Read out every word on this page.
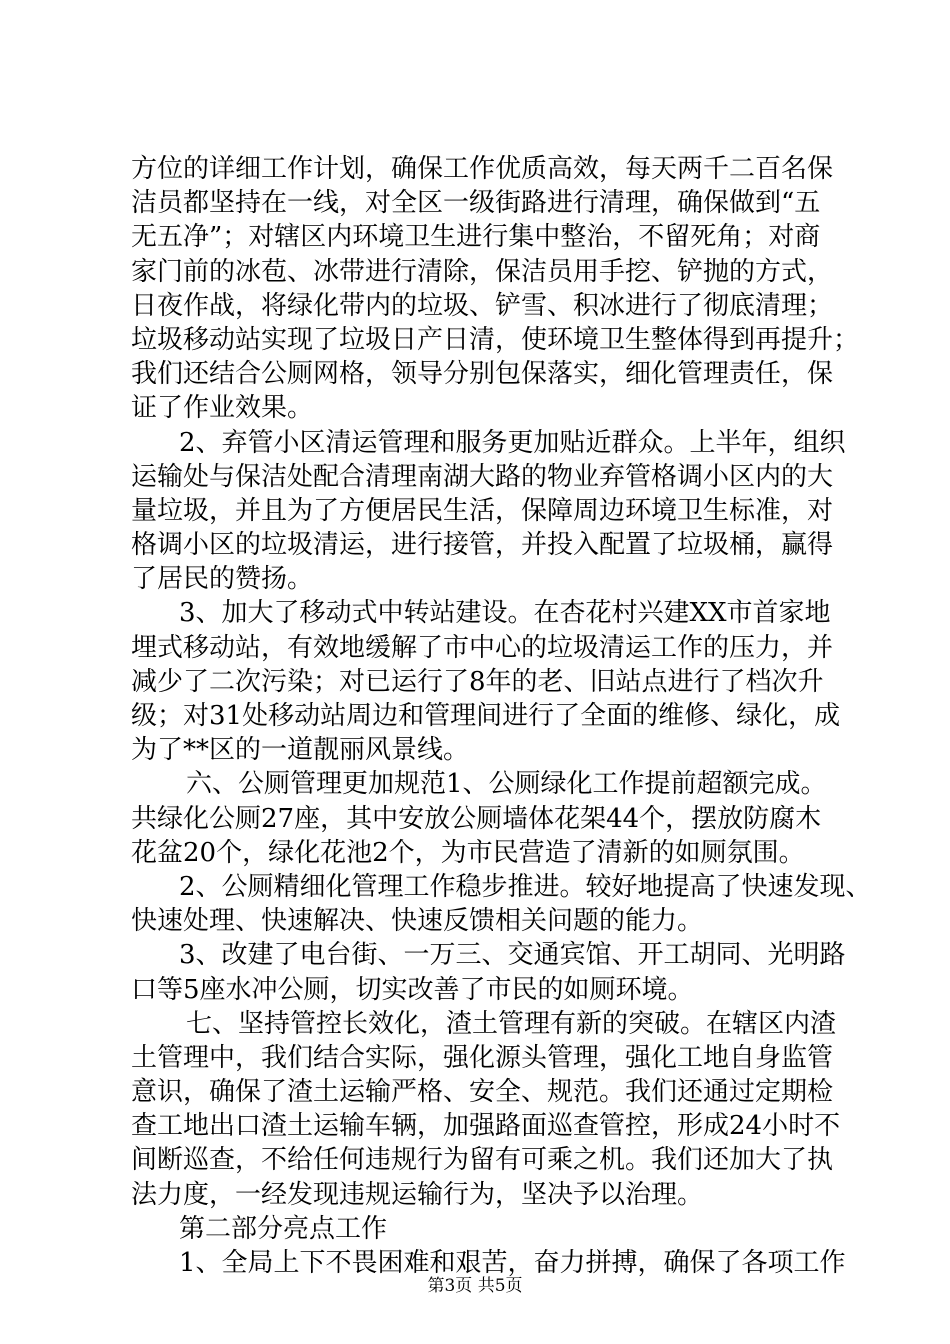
方位的详细工作计划，确保工作优质高效，每天两千二百名保
洁员都坚持在一线，对全区一级街路进行清理，确保做到“五
无五净”；对辖区内环境卫生进行集中整治，不留死角；对商
家门前的冰苞、冰带进行清除，保洁员用手挖、铲抛的方式，
日夜作战，将绿化带内的垃圾、铲雪、积冰进行了彻底清理；
垃圾移动站实现了垃圾日产日清，使环境卫生整体得到再提升；
我们还结合公厕网格，领导分别包保落实，细化管理责任，保
证了作业效果。
2、弃管小区清运管理和服务更加贴近群众。上半年，组织
运输处与保洁处配合清理南湖大路的物业弃管格调小区内的大
量垃圾，并且为了方便居民生活，保障周边环境卫生标准，对
格调小区的垃圾清运，进行接管，并投入配置了垃圾桶，赢得
了居民的赞扬。
3、加大了移动式中转站建设。在杏花村兴建XX市首家地
埋式移动站，有效地缓解了市中心的垃圾清运工作的压力，并
减少了二次污染；对已运行了8年的老、旧站点进行了档次升
级；对31处移动站周边和管理间进行了全面的维修、绿化，成
为了**区的一道靓丽风景线。
六、公厕管理更加规范1、公厕绿化工作提前超额完成。
共绿化公厕27座，其中安放公厕墙体花架44个，摆放防腐木
花盆20个，绿化花池2个，为市民营造了清新的如厕氛围。
2、公厕精细化管理工作稳步推进。较好地提高了快速发现、
快速处理、快速解决、快速反馈相关问题的能力。
3、改建了电台街、一万三、交通宾馆、开工胡同、光明路
口等5座水冲公厕，切实改善了市民的如厕环境。
七、坚持管控长效化，渣土管理有新的突破。在辖区内渣
土管理中，我们结合实际，强化源头管理，强化工地自身监管
意识，确保了渣土运输严格、安全、规范。我们还通过定期检
查工地出口渣土运输车辆，加强路面巡查管控，形成24小时不
间断巡查，不给任何违规行为留有可乘之机。我们还加大了执
法力度，一经发现违规运输行为，坚决予以治理。
第二部分亮点工作
1、全局上下不畏困难和艰苦，奋力拼搏，确保了各项工作
第3页 共5页
